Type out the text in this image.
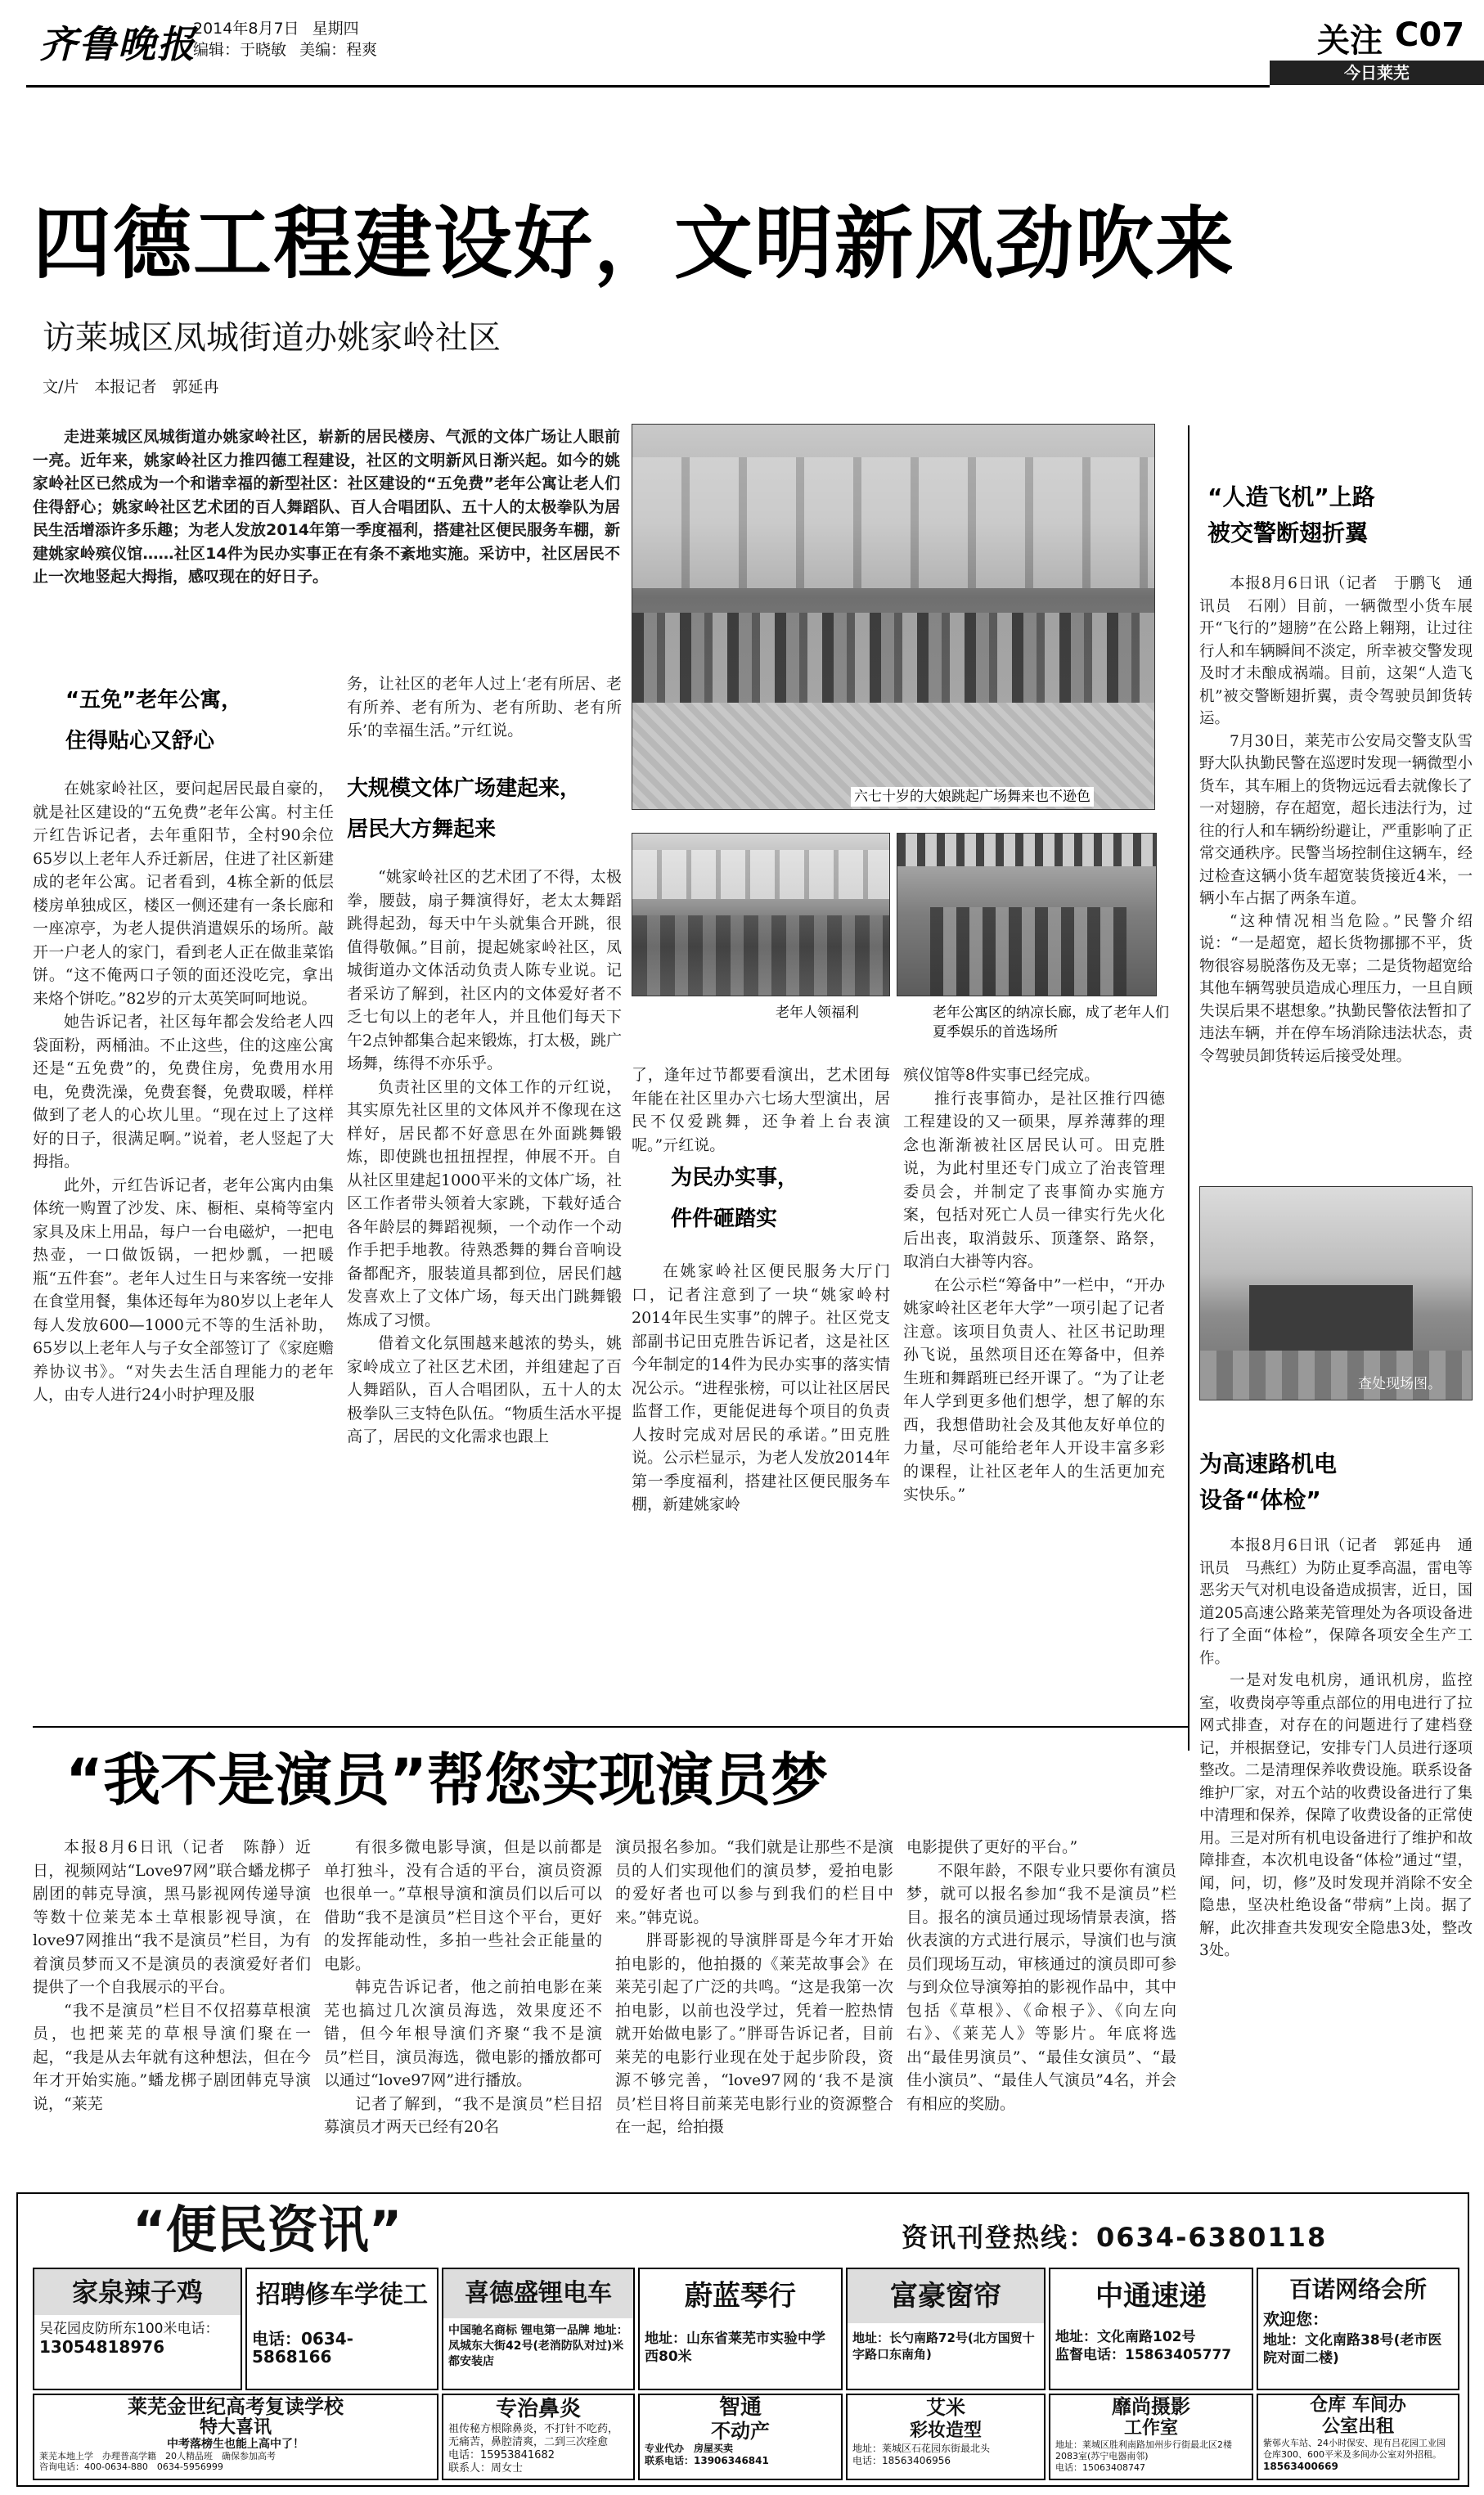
齐鲁晚报
2014年8月7日 星期四
编辑：于晓敏 美编：程爽	关注 C07
今日莱芜
四德工程建设好，文明新风劲吹来
访莱城区凤城街道办姚家岭社区
文/片　本报记者　郭延冉

走进莱城区凤城街道办姚家岭社区，崭新的居民楼房、气派的文体广场让人眼前一亮。近年来，姚家岭社区力推四德工程建设，社区的文明新风日渐兴起。如今的姚家岭社区已然成为一个和谐幸福的新型社区：社区建设的“五免费”老年公寓让老人们住得舒心；姚家岭社区艺术团的百人舞蹈队、百人合唱团队、五十人的太极拳队为居民生活增添许多乐趣；为老人发放2014年第一季度福利，搭建社区便民服务车棚，新建姚家岭殡仪馆……社区14件为民办实事正在有条不紊地实施。采访中，社区居民不止一次地竖起大拇指，感叹现在的好日子。

六七十岁的大娘跳起广场舞来也不逊色
老年人领福利	老年公寓区的纳凉长廊，成了老年人们夏季娱乐的首选场所
“五免”老年公寓，
住得贴心又舒心

在姚家岭社区，要问起居民最自豪的，就是社区建设的“五免费”老年公寓。村主任亓红告诉记者，去年重阳节，全村90余位65岁以上老年人乔迁新居，住进了社区新建成的老年公寓。记者看到，4栋全新的低层楼房单独成区，楼区一侧还建有一条长廊和一座凉亭，为老人提供消遣娱乐的场所。敲开一户老人的家门，看到老人正在做韭菜馅饼。“这不俺两口子领的面还没吃完，拿出来烙个饼吃。”82岁的亓太英笑呵呵地说。

她告诉记者，社区每年都会发给老人四袋面粉，两桶油。不止这些，住的这座公寓还是“五免费”的，免费住房，免费用水用电，免费洗澡，免费套餐，免费取暖，样样做到了老人的心坎儿里。“现在过上了这样好的日子，很满足啊。”说着，老人竖起了大拇指。

此外，亓红告诉记者，老年公寓内由集体统一购置了沙发、床、橱柜、桌椅等室内家具及床上用品，每户一台电磁炉，一把电热壶，一口做饭锅，一把炒瓢，一把暖瓶“五件套”。老年人过生日与来客统一安排在食堂用餐，集体还每年为80岁以上老年人每人发放600—1000元不等的生活补助，65岁以上老年人与子女全部签订了《家庭赡养协议书》。“对失去生活自理能力的老年人，由专人进行24小时护理及服

务，让社区的老年人过上‘老有所居、老有所养、老有所为、老有所助、老有所乐’的幸福生活。”亓红说。

大规模文体广场建起来，
居民大方舞起来

“姚家岭社区的艺术团了不得，太极拳，腰鼓，扇子舞演得好，老太太舞蹈跳得起劲，每天中午头就集合开跳，很值得敬佩。”目前，提起姚家岭社区，凤城街道办文体活动负责人陈专业说。记者采访了解到，社区内的文体爱好者不乏七旬以上的老年人，并且他们每天下午2点钟都集合起来锻炼，打太极，跳广场舞，练得不亦乐乎。

负责社区里的文体工作的亓红说，其实原先社区里的文体风并不像现在这样好，居民都不好意思在外面跳舞锻炼，即使跳也扭扭捏捏，伸展不开。自从社区里建起1000平米的文体广场，社区工作者带头领着大家跳，下载好适合各年龄层的舞蹈视频，一个动作一个动作手把手地教。待熟悉舞的舞台音响设备都配齐，服装道具都到位，居民们越发喜欢上了文体广场，每天出门跳舞锻炼成了习惯。

借着文化氛围越来越浓的势头，姚家岭成立了社区艺术团，并组建起了百人舞蹈队，百人合唱团队，五十人的太极拳队三支特色队伍。“物质生活水平提高了，居民的文化需求也跟上

了，逢年过节都要看演出，艺术团每年能在社区里办六七场大型演出，居民不仅爱跳舞，还争着上台表演呢。”亓红说。

为民办实事，
件件砸踏实

在姚家岭社区便民服务大厅门口，记者注意到了一块“姚家岭村2014年民生实事”的牌子。社区党支部副书记田克胜告诉记者，这是社区今年制定的14件为民办实事的落实情况公示。“进程张榜，可以让社区居民监督工作，更能促进每个项目的负责人按时完成对居民的承诺。”田克胜说。公示栏显示，为老人发放2014年第一季度福利，搭建社区便民服务车棚，新建姚家岭

殡仪馆等8件实事已经完成。

推行丧事简办，是社区推行四德工程建设的又一硕果，厚养薄葬的理念也渐渐被社区居民认可。田克胜说，为此村里还专门成立了治丧管理委员会，并制定了丧事简办实施方案，包括对死亡人员一律实行先火化后出丧，取消鼓乐、顶蓬祭、路祭，取消白大褂等内容。

在公示栏“筹备中”一栏中，“开办姚家岭社区老年大学”一项引起了记者注意。该项目负责人、社区书记助理孙飞说，虽然项目还在筹备中，但养生班和舞蹈班已经开课了。“为了让老年人学到更多他们想学，想了解的东西，我想借助社会及其他友好单位的力量，尽可能给老年人开设丰富多彩的课程，让社区老年人的生活更加充实快乐。”

“人造飞机”上路
被交警断翅折翼

本报8月6日讯（记者　于鹏飞　通讯员　石刚）目前，一辆微型小货车展开“飞行的”翅膀”在公路上翱翔，让过往行人和车辆瞬间不淡定，所幸被交警发现及时才未酿成祸端。目前，这架“人造飞机”被交警断翅折翼，责令驾驶员卸货转运。

7月30日，莱芜市公安局交警支队雪野大队执勤民警在巡逻时发现一辆微型小货车，其车厢上的货物远远看去就像长了一对翅膀，存在超宽，超长违法行为，过往的行人和车辆纷纷避让，严重影响了正常交通秩序。民警当场控制住这辆车，经过检查这辆小货车超宽装货接近4米，一辆小车占据了两条车道。

“这种情况相当危险。”民警介绍说：“一是超宽，超长货物挪挪不平，货物很容易脱落伤及无辜；二是货物超宽给其他车辆驾驶员造成心理压力，一旦自顾失误后果不堪想象。”执勤民警依法暂扣了违法车辆，并在停车场消除违法状态，责令驾驶员卸货转运后接受处理。

查处现场图。
为高速路机电
设备“体检”

本报8月6日讯（记者　郭延冉　通讯员　马燕红）为防止夏季高温，雷电等恶劣天气对机电设备造成损害，近日，国道205高速公路莱芜管理处为各项设备进行了全面“体检”，保障各项安全生产工作。

一是对发电机房，通讯机房，监控室，收费岗亭等重点部位的用电进行了拉网式排查，对存在的问题进行了建档登记，并根据登记，安排专门人员进行逐项整改。二是清理保养收费设施。联系设备维护厂家，对五个站的收费设备进行了集中清理和保养，保障了收费设备的正常使用。三是对所有机电设备进行了维护和故障排查，本次机电设备“体检”通过“望，闻，问，切，修”及时发现并消除不安全隐患，坚决杜绝设备“带病”上岗。据了解，此次排查共发现安全隐患3处，整改3处。

“我不是演员”帮您实现演员梦

本报8月6日讯（记者　陈静）近日，视频网站“Love97网”联合蟠龙梆子剧团的韩克导演，黑马影视网传递导演等数十位莱芜本土草根影视导演，在love97网推出“我不是演员”栏目，为有着演员梦而又不是演员的表演爱好者们提供了一个自我展示的平台。

“我不是演员”栏目不仅招募草根演员，也把莱芜的草根导演们聚在一起，“我是从去年就有这种想法，但在今年才开始实施。”蟠龙梆子剧团韩克导演说，“莱芜

有很多微电影导演，但是以前都是单打独斗，没有合适的平台，演员资源也很单一。”草根导演和演员们以后可以借助“我不是演员”栏目这个平台，更好的发挥能动性，多拍一些社会正能量的电影。

韩克告诉记者，他之前拍电影在莱芜也搞过几次演员海选，效果度还不错，但今年根导演们齐聚“我不是演员”栏目，演员海选，微电影的播放都可以通过“love97网”进行播放。

记者了解到，“我不是演员”栏目招募演员才两天已经有20名

演员报名参加。“我们就是让那些不是演员的人们实现他们的演员梦，爱拍电影的爱好者也可以参与到我们的栏目中来。”韩克说。

胖哥影视的导演胖哥是今年才开始拍电影的，他拍摄的《莱芜故事会》在莱芜引起了广泛的共鸣。“这是我第一次拍电影，以前也没学过，凭着一腔热情就开始做电影了。”胖哥告诉记者，目前莱芜的电影行业现在处于起步阶段，资源不够完善，“love97网的‘我不是演员’栏目将目前莱芜电影行业的资源整合在一起，给拍摄

电影提供了更好的平台。”

不限年龄，不限专业只要你有演员梦，就可以报名参加“我不是演员”栏目。报名的演员通过现场情景表演，搭伙表演的方式进行展示，导演们也与演员们现场互动，审核通过的演员即可参与到众位导演筹拍的影视作品中，其中包括《草根》、《命根子》、《向左向右》、《莱芜人》等影片。年底将选出“最佳男演员”、“最佳女演员”、“最佳小演员”、“最佳人气演员”4名，并会有相应的奖励。

“便民资讯”	资讯刊登热线：0634-6380118
家泉辣子鸡
吴花园皮防所东100米电话：
13054818976
招聘修车学徒工
电话：0634-5868166
喜德盛锂电车
中国驰名商标 锂电第一品牌 地址：凤城东大街42号(老消防队对过)米都安装店
蔚蓝琴行
地址：山东省莱芜市实验中学西80米
富豪窗帘
地址：长勺南路72号(北方国贸十字路口东南角)
中通速递
地址：文化南路102号
监督电话：15863405777
百诺网络会所
欢迎您：
地址：文化南路38号(老市医院对面二楼)
莱芜金世纪高考复读学校
特大喜讯
中考落榜生也能上高中了！
莱芜本地上学　办理普高学籍　20人精品班　确保参加高考
咨询电话：400-0634-880　0634-5956999
专治鼻炎
祖传秘方根除鼻炎，不打针不吃药，无痛苦，鼻腔清爽，二到三次痊愈
电话：15953841682
联系人：周女士
智通
不动产
专业代办　房屋买卖
联系电话：13906346841
艾米
彩妆造型
地址：莱城区石花园东街最北头
电话：18563406956
靡尚摄影
工作室
地址：莱城区胜利南路加州步行街最北区2楼2083室(苏宁电器南邻)
电话：15063408747
仓库 车间办
公室出租
紫邨火车站、24小时保安、现有吕花园工业园仓库300、600平米及多间办公室对外招租。
18563400669
招生对象：中考落榜生、高高一借读生。高考复读，新高三借读，暑假中小学辅导班，初中高中各科1对1　火热招生中地址：花园北路北首莱城区交通局对过(花园学校北200米路东)地址：泰安市唐訾路中段路东房屋过户　贷款　评估　三天贷款申请通过　手续快利息低　费用少　服务好QQ：372915288联系电话
